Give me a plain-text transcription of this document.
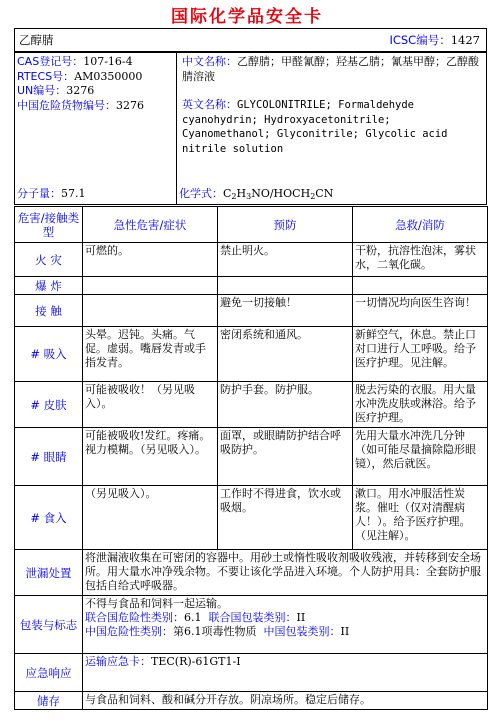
国际化学品安全卡
乙醇腈	ICSC编号：1427
CAS登记号：107-16-4
RTECS号：AM0350000
UN编号：3276
中国危险货物编号：3276
中文名称：乙醇腈；甲醛氰醇；羟基乙腈；氰基甲醇；乙醇酸腈溶液
英文名称：GLYCOLONITRILE; Formaldehyde cyanohydrin; Hydroxyacetonitrile; Cyanomethanol; Glyconitrile; Glycolic acid nitrile solution
分子量：57.1	化学式：$C_2H_3NO/HOCH_2CN$
危害/接触类型	急性危害/症状	预防	急救/消防
火 灾	可燃的。	禁止明火。	干粉，抗溶性泡沫，雾状水，二氧化碳。
爆 炸			
接 触		避免一切接触！	一切情况均向医生咨询！
# 吸入	头晕。迟钝。头痛。气促。虚弱。嘴唇发青或手指发青。	密闭系统和通风。	新鲜空气，休息。禁止口对口进行人工呼吸。给予医疗护理。见注解。
# 皮肤	可能被吸收！（另见吸入）。	防护手套。防护服。	脱去污染的衣服。用大量水冲洗皮肤或淋浴。给予医疗护理。
# 眼睛	可能被吸收!发红。疼痛。视力模糊。（另见吸入）。	面罩，或眼睛防护结合呼吸防护。	先用大量水冲洗几分钟（如可能尽量摘除隐形眼镜），然后就医。
# 食入	（另见吸入）。	工作时不得进食，饮水或吸烟。	漱口。用水冲服活性炭浆。催吐（仅对清醒病人！）。给予医疗护理。（见注解）。
泄漏处置	将泄漏液收集在可密闭的容器中。用砂土或惰性吸收剂吸收残液，并转移到安全场所。用大量水冲净残余物。不要让该化学品进入环境。个人防护用具：全套防护服包括自给式呼吸器。		
包装与标志	不得与食品和饲料一起运输。
联合国危险性类别：6.1 联合国包装类别：II
中国危险性类别：第6.1项毒性物质 中国包装类别：II		

应急响应	运输应急卡：TEC(R)-61GT1-I		
储存	与食品和饲料、酸和碱分开存放。阴凉场所。稳定后储存。		
